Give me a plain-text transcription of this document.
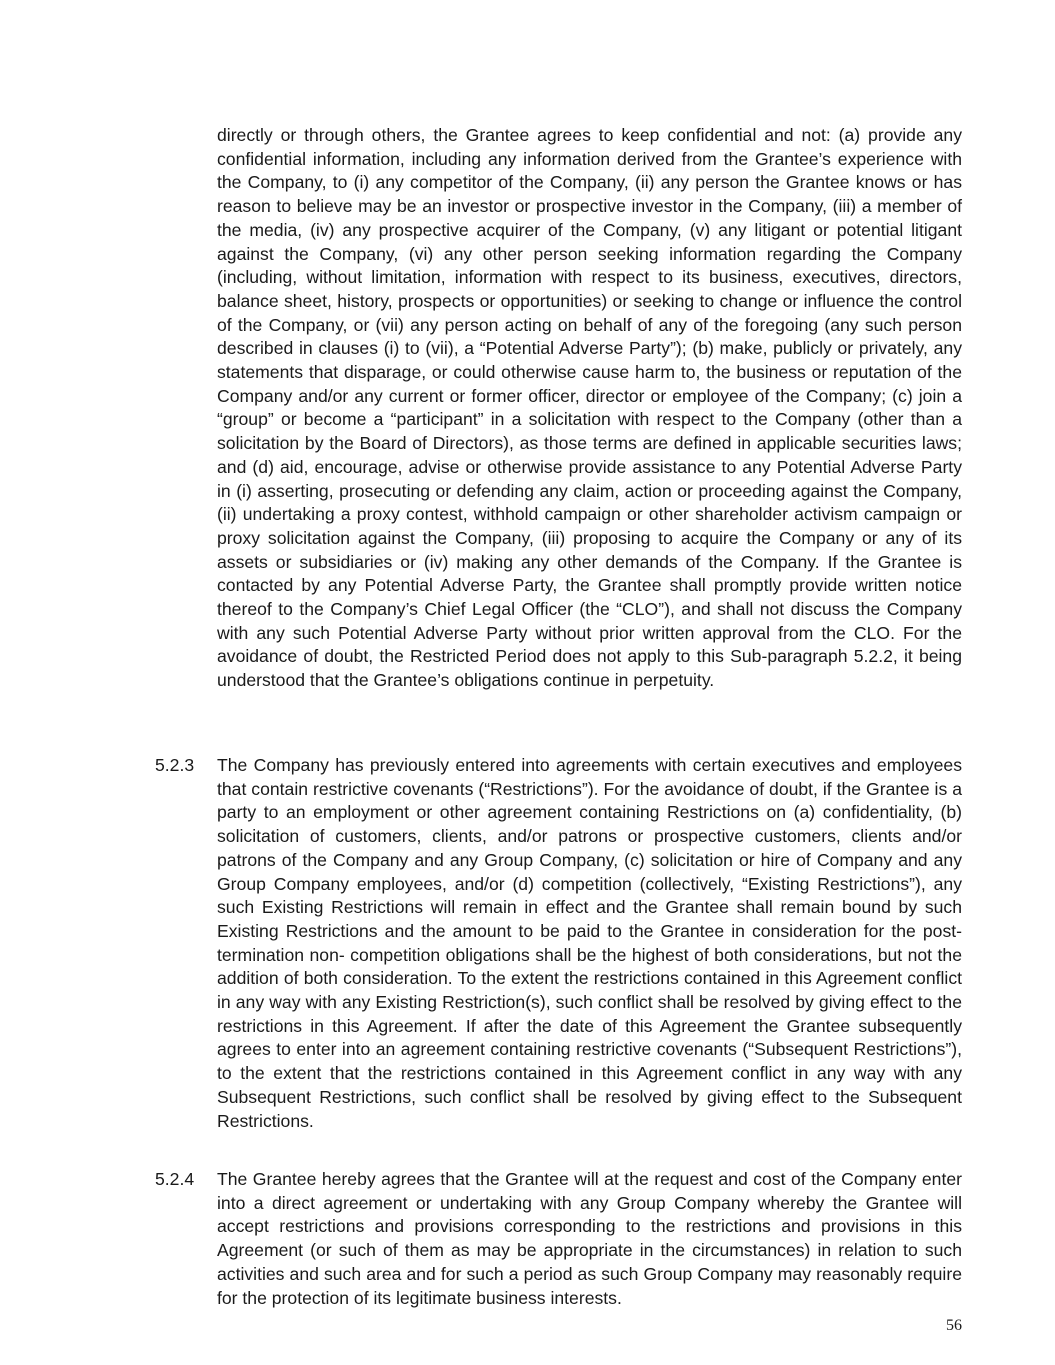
directly or through others, the Grantee agrees to keep confidential and not: (a) provide any confidential information, including any information derived from the Grantee’s experience with the Company, to (i) any competitor of the Company, (ii) any person the Grantee knows or has reason to believe may be an investor or prospective investor in the Company, (iii) a member of the media, (iv) any prospective acquirer of the Company, (v) any litigant or potential litigant against the Company, (vi) any other person seeking information regarding the Company (including, without limitation, information with respect to its business, executives, directors, balance sheet, history, prospects or opportunities) or seeking to change or influence the control of the Company, or (vii) any person acting on behalf of any of the foregoing (any such person described in clauses (i) to (vii), a “Potential Adverse Party”); (b) make, publicly or privately, any statements that disparage, or could otherwise cause harm to, the business or reputation of the Company and/or any current or former officer, director or employee of the Company; (c) join a “group” or become a “participant” in a solicitation with respect to the Company (other than a solicitation by the Board of Directors), as those terms are defined in applicable securities laws; and (d) aid, encourage, advise or otherwise provide assistance to any Potential Adverse Party in (i) asserting, prosecuting or defending any claim, action or proceeding against the Company, (ii) undertaking a proxy contest, withhold campaign or other shareholder activism campaign or proxy solicitation against the Company, (iii) proposing to acquire the Company or any of its assets or subsidiaries or (iv) making any other demands of the Company. If the Grantee is contacted by any Potential Adverse Party, the Grantee shall promptly provide written notice thereof to the Company’s Chief Legal Officer (the “CLO”), and shall not discuss the Company with any such Potential Adverse Party without prior written approval from the CLO. For the avoidance of doubt, the Restricted Period does not apply to this Sub-paragraph 5.2.2, it being understood that the Grantee’s obligations continue in perpetuity.

5.2.3 The Company has previously entered into agreements with certain executives and employees that contain restrictive covenants (“Restrictions”). For the avoidance of doubt, if the Grantee is a party to an employment or other agreement containing Restrictions on (a) confidentiality, (b) solicitation of customers, clients, and/or patrons or prospective customers, clients and/or patrons of the Company and any Group Company, (c) solicitation or hire of Company and any Group Company employees, and/or (d) competition (collectively, “Existing Restrictions”), any such Existing Restrictions will remain in effect and the Grantee shall remain bound by such Existing Restrictions and the amount to be paid to the Grantee in consideration for the post-termination non- competition obligations shall be the highest of both considerations, but not the addition of both consideration. To the extent the restrictions contained in this Agreement conflict in any way with any Existing Restriction(s), such conflict shall be resolved by giving effect to the restrictions in this Agreement. If after the date of this Agreement the Grantee subsequently agrees to enter into an agreement containing restrictive covenants (“Subsequent Restrictions”), to the extent that the restrictions contained in this Agreement conflict in any way with any Subsequent Restrictions, such conflict shall be resolved by giving effect to the Subsequent Restrictions.

5.2.4 The Grantee hereby agrees that the Grantee will at the request and cost of the Company enter into a direct agreement or undertaking with any Group Company whereby the Grantee will accept restrictions and provisions corresponding to the restrictions and provisions in this Agreement (or such of them as may be appropriate in the circumstances) in relation to such activities and such area and for such a period as such Group Company may reasonably require for the protection of its legitimate business interests.

56
